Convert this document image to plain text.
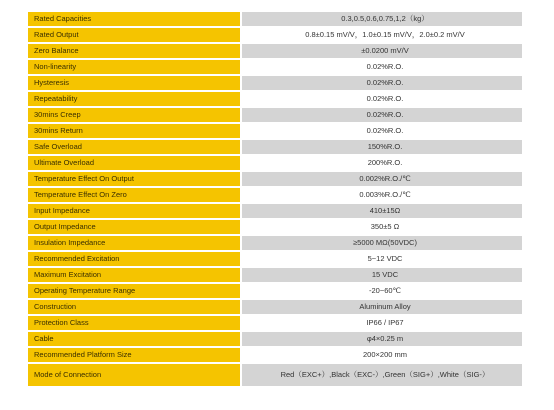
Rated Capacities	0.3,0.5,0.6,0.75,1,2（kg）
Rated Output	0.8±0.15 mV/V，1.0±0.15 mV/V，2.0±0.2 mV/V
Zero Balance	±0.0200 mV/V
Non-linearity	0.02%R.O.
Hysteresis	0.02%R.O.
Repeatability	0.02%R.O.
30mins Creep	0.02%R.O.
30mins Return	0.02%R.O.
Safe Overload	150%R.O.
Ultimate Overload	200%R.O.
Temperature Effect On Output	0.002%R.O./℃
Temperature Effect On Zero	0.003%R.O./℃
Input Impedance	410±15Ω
Output Impedance	350±5 Ω
Insulation Impedance	≥5000 MΩ(50VDC)
Recommended Excitation	5~12 VDC
Maximum Excitation	15 VDC
Operating Temperature Range	-20~60℃
Construction	Aluminum Alloy
Protection Class	IP66 / IP67
Cable	φ4×0.25 m
Recommended Platform Size	200×200 mm
Mode of Connection	Red（EXC+）,Black（EXC-）,Green（SIG+）,White（SIG-）
